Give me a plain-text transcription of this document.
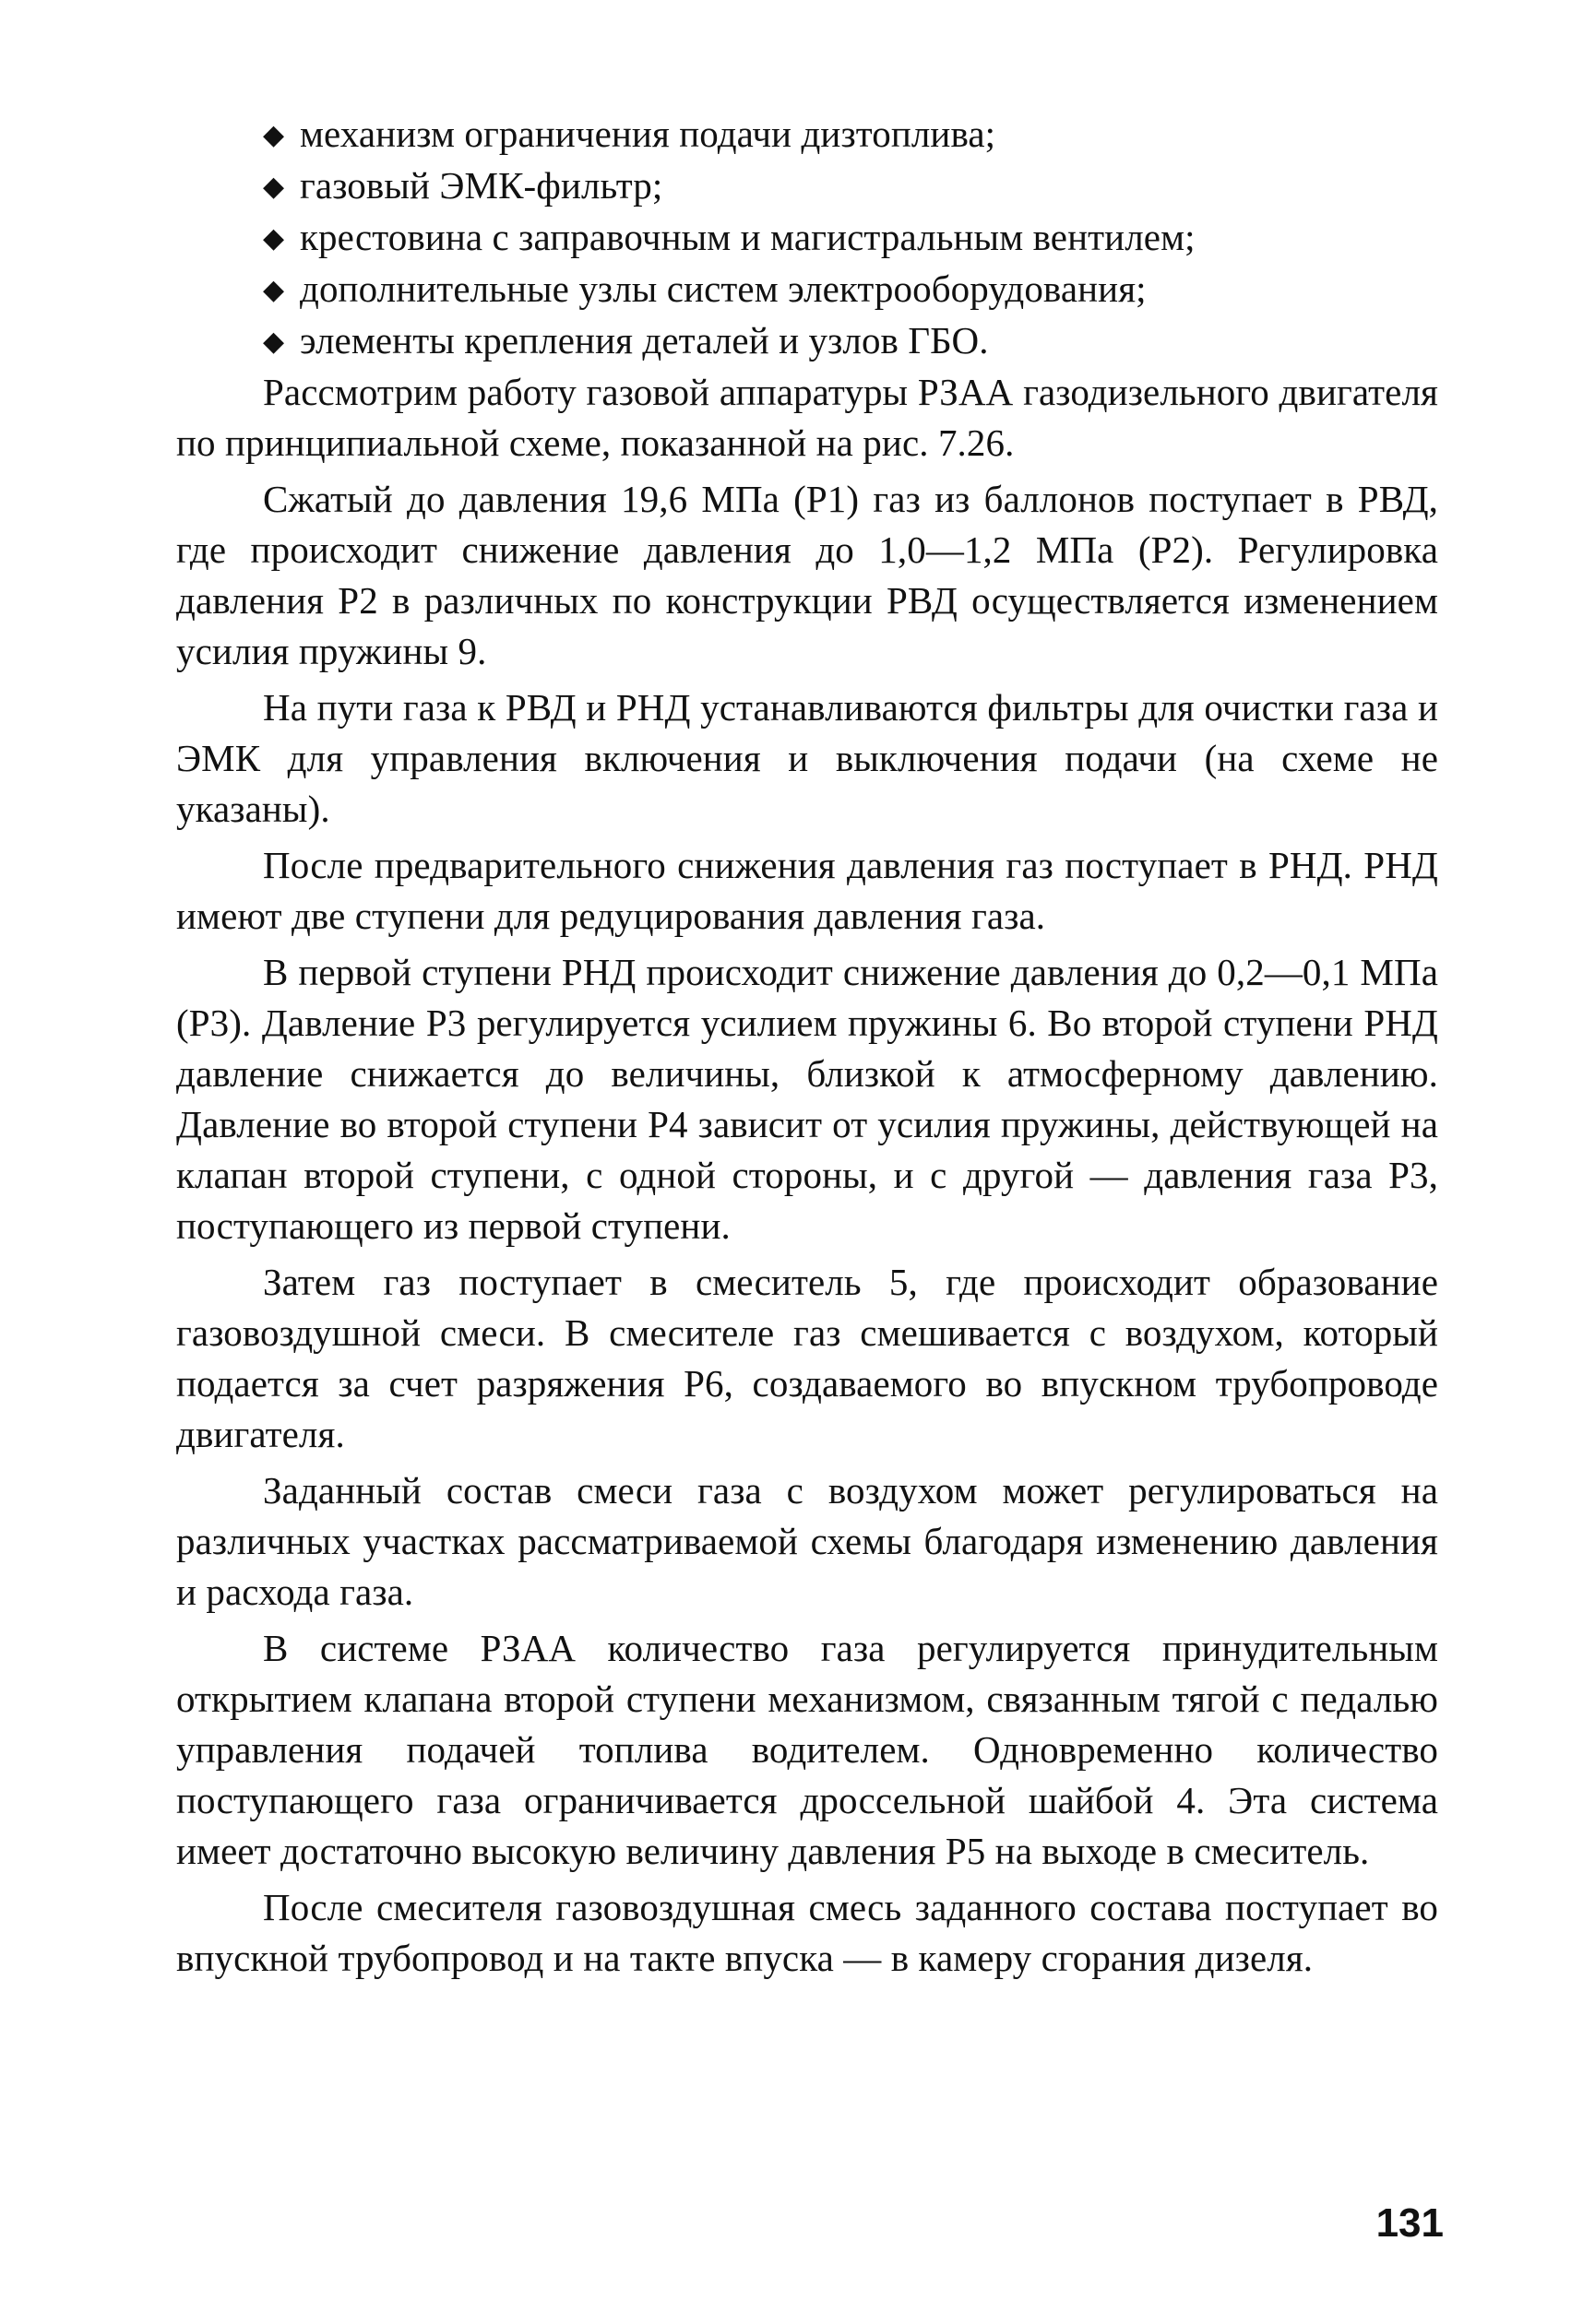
◆ механизм ограничения подачи дизтоплива;
◆ газовый ЭМК-фильтр;
◆ крестовина с заправочным и магистральным вентилем;
◆ дополнительные узлы систем электрооборудования;
◆ элементы крепления деталей и узлов ГБО.

Рассмотрим работу газовой аппаратуры РЗАА газодизельного двигателя по принципиальной схеме, показанной на рис. 7.26.

Сжатый до давления 19,6 МПа (Р1) газ из баллонов поступает в РВД, где происходит снижение давления до 1,0—1,2 МПа (Р2). Регулировка давления Р2 в различных по конструкции РВД осуществляется изменением усилия пружины 9.

На пути газа к РВД и РНД устанавливаются фильтры для очистки газа и ЭМК для управления включения и выключения подачи (на схеме не указаны).

После предварительного снижения давления газ поступает в РНД. РНД имеют две ступени для редуцирования давления газа.

В первой ступени РНД происходит снижение давления до 0,2—0,1 МПа (Р3). Давление Р3 регулируется усилием пружины 6. Во второй ступени РНД давление снижается до величины, близкой к атмосферному давлению. Давление во второй ступени Р4 зависит от усилия пружины, действующей на клапан второй ступени, с одной стороны, и с другой — давления газа Р3, поступающего из первой ступени.

Затем газ поступает в смеситель 5, где происходит образование газовоздушной смеси. В смесителе газ смешивается с воздухом, который подается за счет разряжения Р6, создаваемого во впускном трубопроводе двигателя.

Заданный состав смеси газа с воздухом может регулироваться на различных участках рассматриваемой схемы благодаря изменению давления и расхода газа.

В системе РЗАА количество газа регулируется принудительным открытием клапана второй ступени механизмом, связанным тягой с педалью управления подачей топлива водителем. Одновременно количество поступающего газа ограничивается дроссельной шайбой 4. Эта система имеет достаточно высокую величину давления Р5 на выходе в смеситель.

После смесителя газовоздушная смесь заданного состава поступает во впускной трубопровод и на такте впуска — в камеру сгорания дизеля.

131
